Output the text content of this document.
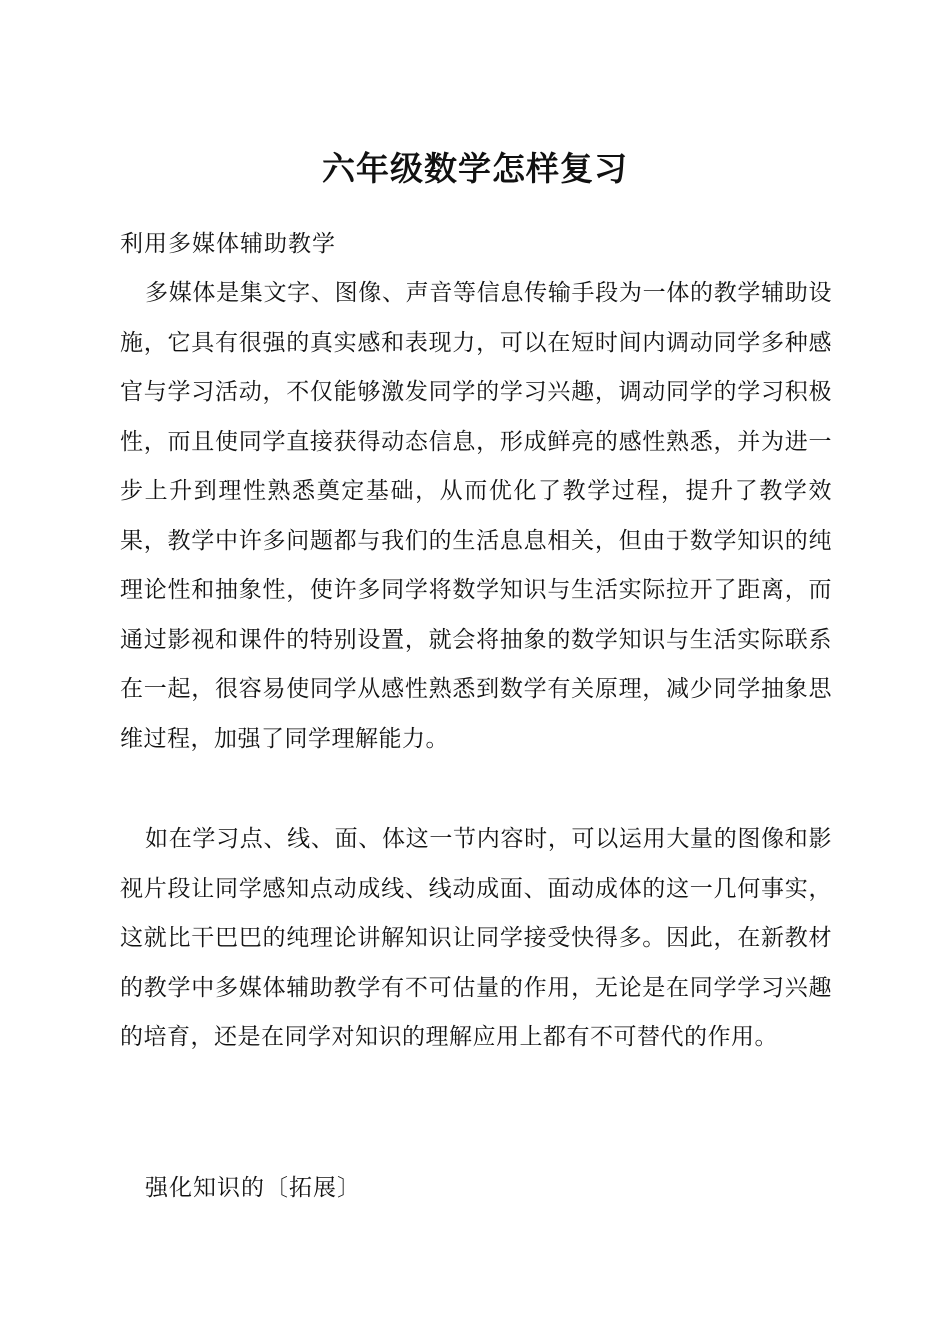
六年级数学怎样复习

利用多媒体辅助教学

多媒体是集文字、图像、声音等信息传输手段为一体的教学辅助设施，它具有很强的真实感和表现力，可以在短时间内调动同学多种感官与学习活动，不仅能够激发同学的学习兴趣，调动同学的学习积极性，而且使同学直接获得动态信息，形成鲜亮的感性熟悉，并为进一步上升到理性熟悉奠定基础，从而优化了教学过程，提升了教学效果，教学中许多问题都与我们的生活息息相关，但由于数学知识的纯理论性和抽象性，使许多同学将数学知识与生活实际拉开了距离，而通过影视和课件的特别设置，就会将抽象的数学知识与生活实际联系在一起，很容易使同学从感性熟悉到数学有关原理，减少同学抽象思维过程，加强了同学理解能力。

如在学习点、线、面、体这一节内容时，可以运用大量的图像和影视片段让同学感知点动成线、线动成面、面动成体的这一几何事实，这就比干巴巴的纯理论讲解知识让同学接受快得多。因此，在新教材的教学中多媒体辅助教学有不可估量的作用，无论是在同学学习兴趣的培育，还是在同学对知识的理解应用上都有不可替代的作用。

强化知识的〔拓展〕
